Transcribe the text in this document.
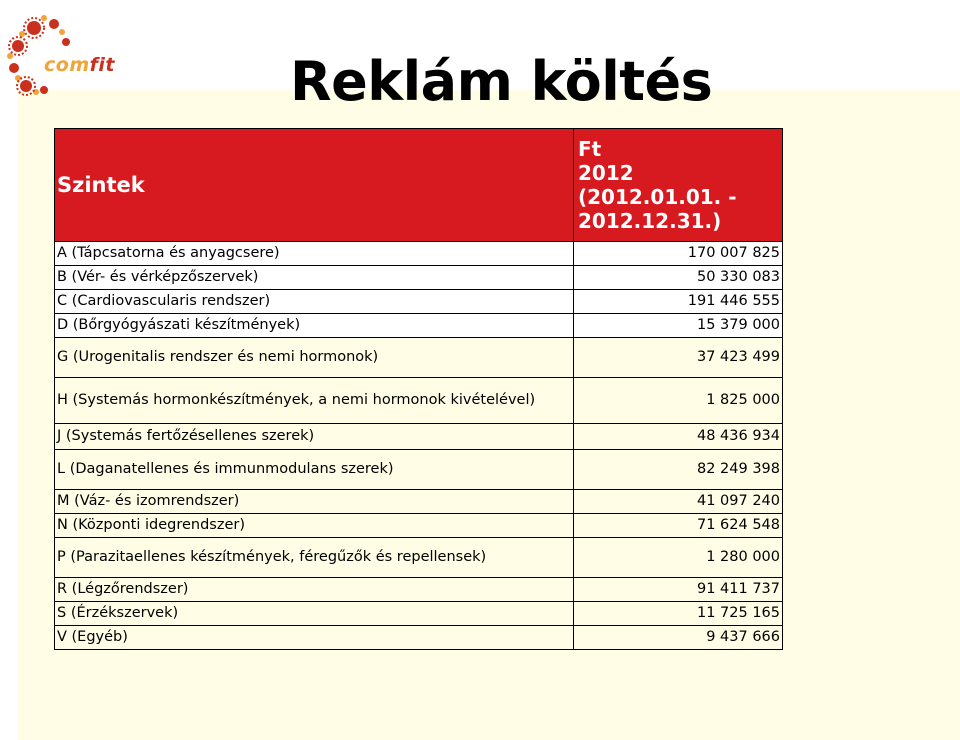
comfit	Reklám költés
Szintek	Ft
2012
(2012.01.01. -
2012.12.31.)

A (Tápcsatorna és anyagcsere)	170 007 825
B (Vér- és vérképzőszervek)	50 330 083
C (Cardiovascularis rendszer)	191 446 555
D (Bőrgyógyászati készítmények)	15 379 000
G (Urogenitalis rendszer és nemi hormonok)	37 423 499
H (Systemás hormonkészítmények, a nemi hormonok kivételével)	1 825 000
J (Systemás fertőzésellenes szerek)	48 436 934
L (Daganatellenes és immunmodulans szerek)	82 249 398
M (Váz- és izomrendszer)	41 097 240
N (Központi idegrendszer)	71 624 548
P (Parazitaellenes készítmények, féregűzők és repellensek)	1 280 000
R (Légzőrendszer)	91 411 737
S (Érzékszervek)	11 725 165
V (Egyéb)	9 437 666
